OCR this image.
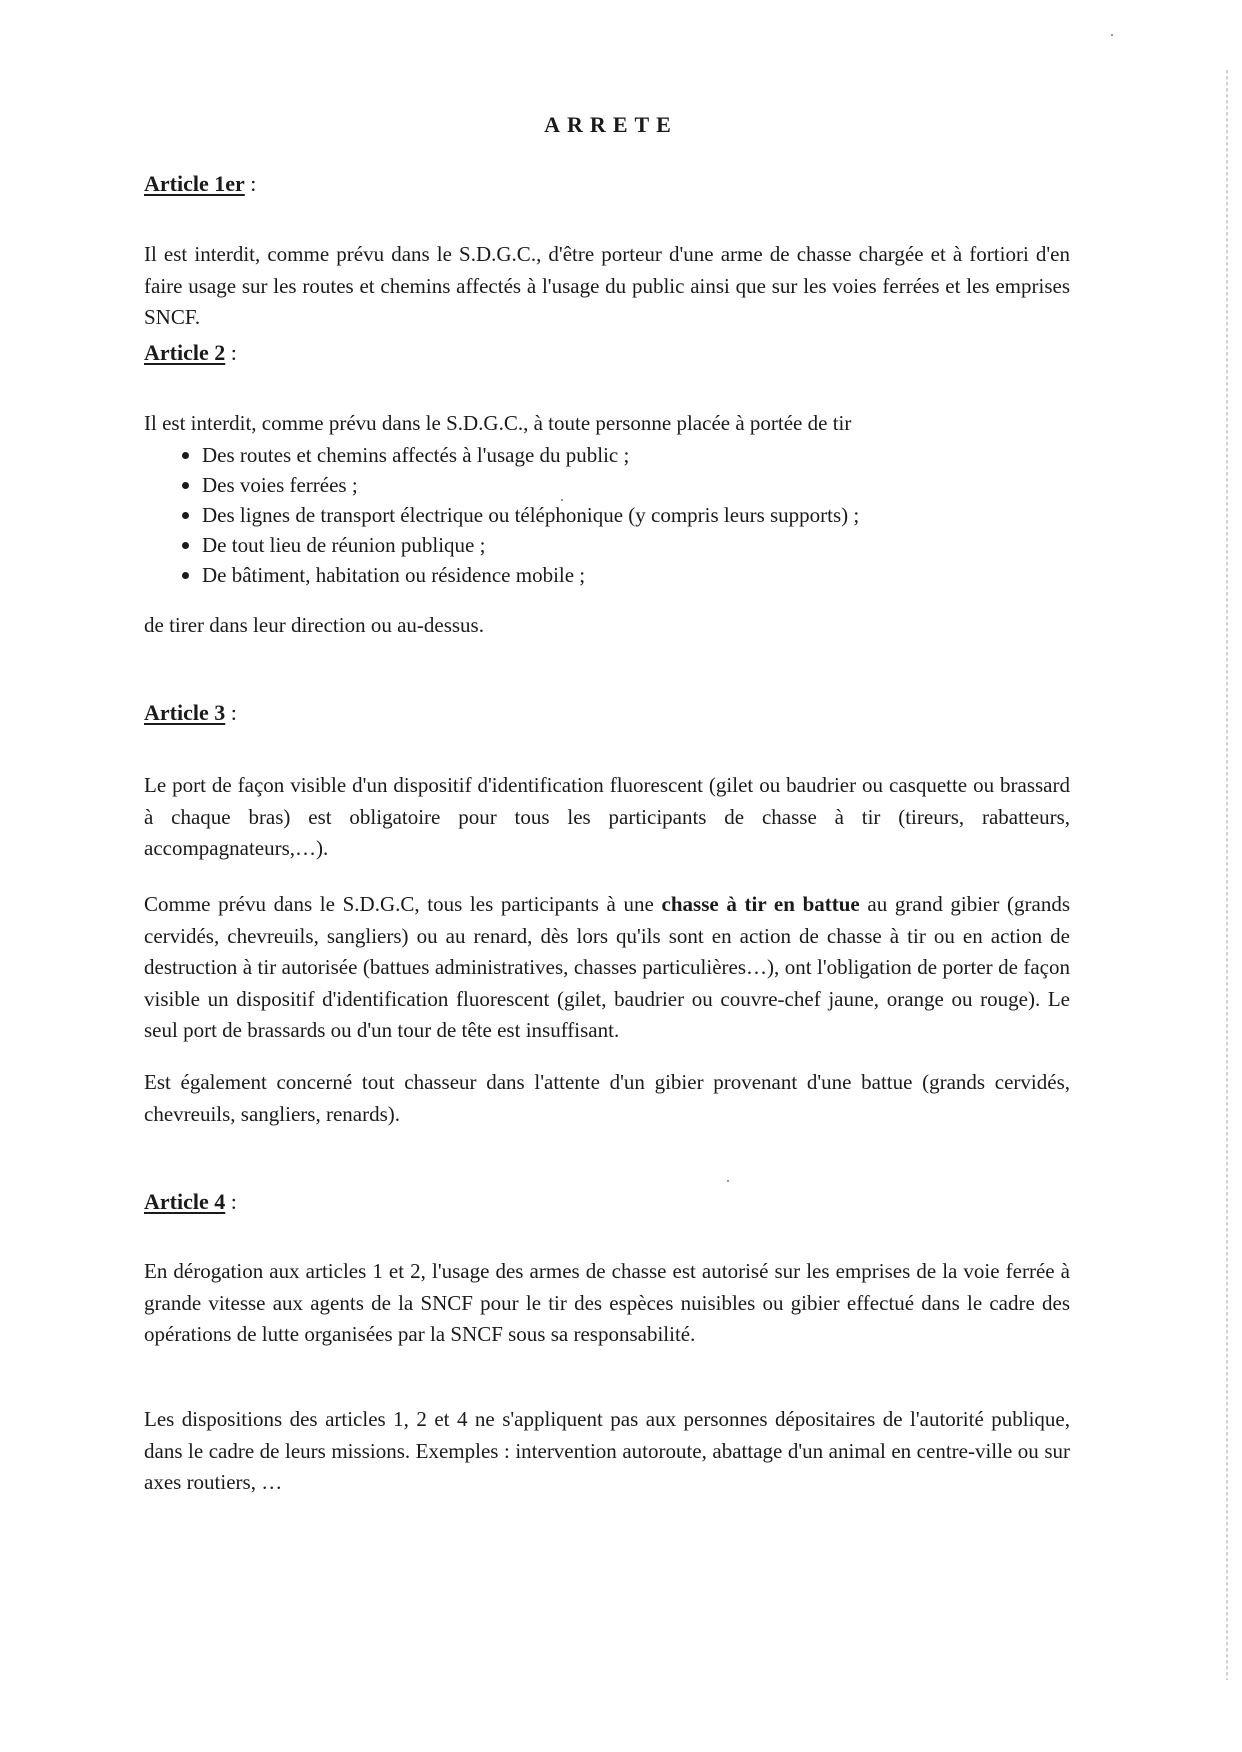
ARRETE
Article 1er :

Il est interdit, comme prévu dans le S.D.G.C., d'être porteur d'une arme de chasse chargée et à fortiori d'en faire usage sur les routes et chemins affectés à l'usage du public ainsi que sur les voies ferrées et les emprises SNCF.

Article 2 :

Il est interdit, comme prévu dans le S.D.G.C., à toute personne placée à portée de tir

Des routes et chemins affectés à l'usage du public ;
Des voies ferrées ;
Des lignes de transport électrique ou téléphonique (y compris leurs supports) ;
De tout lieu de réunion publique ;
De bâtiment, habitation ou résidence mobile ;

de tirer dans leur direction ou au-dessus.

Article 3 :

Le port de façon visible d'un dispositif d'identification fluorescent (gilet ou baudrier ou casquette ou brassard à chaque bras) est obligatoire pour tous les participants de chasse à tir (tireurs, rabatteurs, accompagnateurs,…).

Comme prévu dans le S.D.G.C, tous les participants à une chasse à tir en battue au grand gibier (grands cervidés, chevreuils, sangliers) ou au renard, dès lors qu'ils sont en action de chasse à tir ou en action de destruction à tir autorisée (battues administratives, chasses particulières…), ont l'obligation de porter de façon visible un dispositif d'identification fluorescent (gilet, baudrier ou couvre-chef jaune, orange ou rouge). Le seul port de brassards ou d'un tour de tête est insuffisant.

Est également concerné tout chasseur dans l'attente d'un gibier provenant d'une battue (grands cervidés, chevreuils, sangliers, renards).

Article 4 :

En dérogation aux articles 1 et 2, l'usage des armes de chasse est autorisé sur les emprises de la voie ferrée à grande vitesse aux agents de la SNCF pour le tir des espèces nuisibles ou gibier effectué dans le cadre des opérations de lutte organisées par la SNCF sous sa responsabilité.

Les dispositions des articles 1, 2 et 4 ne s'appliquent pas aux personnes dépositaires de l'autorité publique, dans le cadre de leurs missions. Exemples : intervention autoroute, abattage d'un animal en centre-ville ou sur axes routiers, …
